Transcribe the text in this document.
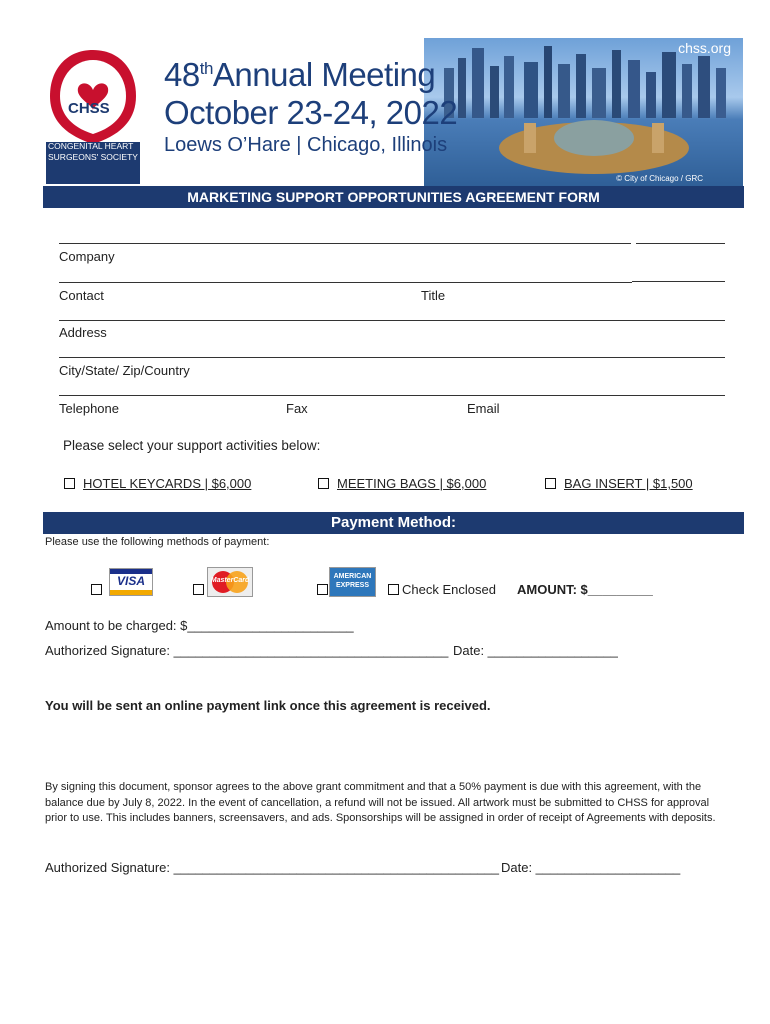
CHSS
CONGENITAL HEART
SURGEONS' SOCIETY
48thAnnual Meeting
October 23-24, 2022
Loews O’Hare | Chicago, Illinois
chss.org
© City of Chicago / GRC
MARKETING SUPPORT OPPORTUNITIES AGREEMENT FORM
Company
Contact	Title
Address
City/State/ Zip/Country
Telephone	Fax	Email
Please select your support activities below:
HOTEL KEYCARDS | $6,000	MEETING BAGS | $6,000	BAG INSERT | $1,500
Payment Method:
Please use the following methods of payment:
VISA	MasterCard
AMERICAN
EXPRESS	Check Enclosed AMOUNT: $_________
Amount to be charged: $_______________________
Authorized Signature: ______________________________________ Date: __________________
You will be sent an online payment link once this agreement is received.
By signing this document, sponsor agrees to the above grant commitment and that a 50% payment is due with this agreement, with the balance due by July 8, 2022. In the event of cancellation, a refund will not be issued. All artwork must be submitted to CHSS for approval prior to use. This includes banners, screensavers, and ads. Sponsorships will be assigned in order of receipt of Agreements with deposits.
Authorized Signature: _____________________________________________ Date: ____________________
